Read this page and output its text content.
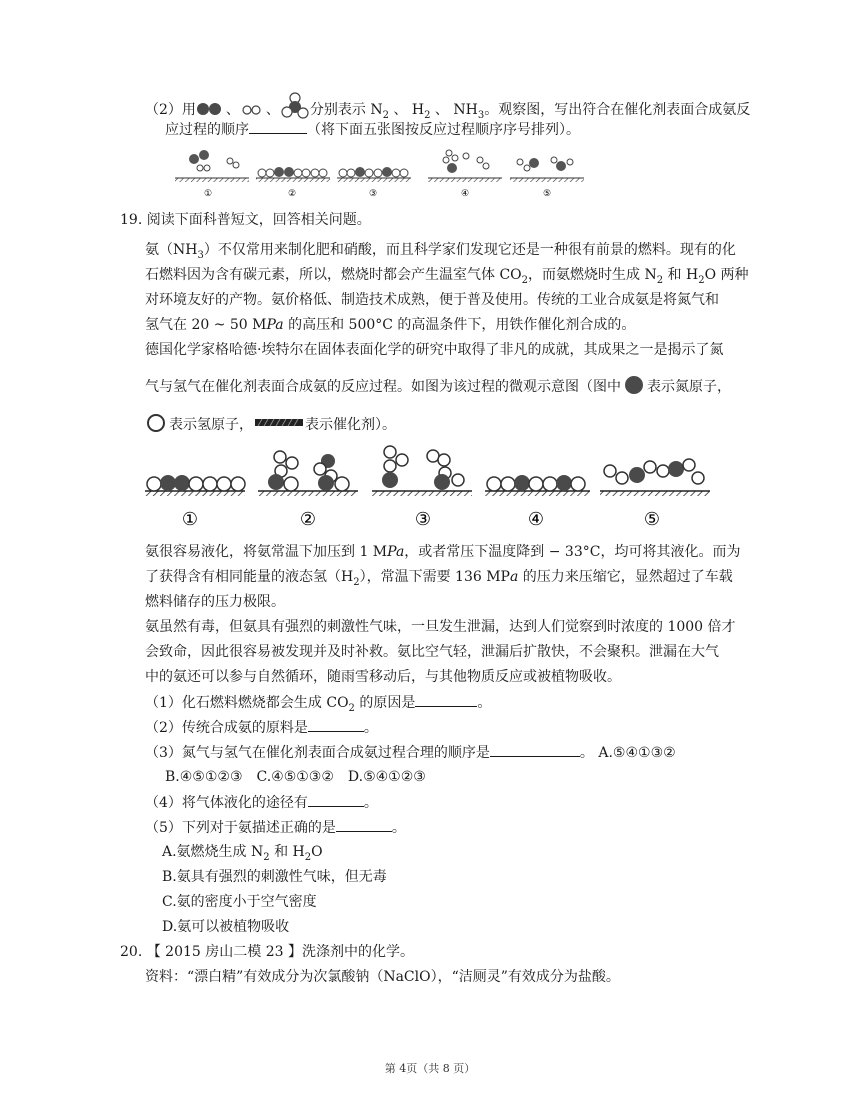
（2）用 、 、 分别表示 $N_2$ 、 $H_2$ 、 $NH_3$。观察图，写出符合在催化剂表面合成氨反
应过程的顺序	（将下面五张图按反应过程顺序序号排列）。
①	②	③	④	⑤
19. 阅读下面科普短文，回答相关问题。
氨$(NH_3)$不仅常用来制化肥和硝酸，而且科学家们发现它还是一种很有前景的燃料。现有的化
石燃料因为含有碳元素，所以，燃烧时都会产生温室气体 $CO_2$，而氨燃烧时生成 $N_2$ 和 $H_2O$ 两种
对环境友好的产物。氨价格低、制造技术成熟，便于普及使用。传统的工业合成氨是将氮气和
氢气在 20 ~ 50 MPa 的高压和 500°C 的高温条件下，用铁作催化剂合成的。
德国化学家格哈德·埃特尔在固体表面化学的研究中取得了非凡的成就，其成果之一是揭示了氮
气与氢气在催化剂表面合成氨的反应过程。如图为该过程的微观示意图（图中 表示氮原子，
表示氢原子，	表示催化剂）。
①	②	③	④	⑤
氨很容易液化，将氨常温下加压到 1 MPa，或者常压下温度降到 − 33°C，均可将其液化。而为
了获得含有相同能量的液态氢$(H_2)$，常温下需要 136 MPa 的压力来压缩它，显然超过了车载
燃料储存的压力极限。
氨虽然有毒，但氨具有强烈的刺激性气味，一旦发生泄漏，达到人们觉察到时浓度的 1000 倍才
会致命，因此很容易被发现并及时补救。氨比空气轻，泄漏后扩散快，不会聚积。泄漏在大气
中的氨还可以参与自然循环，随雨雪移动后，与其他物质反应或被植物吸收。
（1）化石燃料燃烧都会生成 $CO_2$ 的原因是	。
（2）传统合成氨的原料是	。
（3）氮气与氢气在催化剂表面合成氨过程合理的顺序是	。 A.⑤④①③②
B.④⑤①②③　C.④⑤①③②　D.⑤④①②③
（4）将气体液化的途径有	。
（5）下列对于氨描述正确的是	。
A.氨燃烧生成 $N_2$ 和 $H_2O$
B.氨具有强烈的刺激性气味，但无毒
C.氨的密度小于空气密度
D.氨可以被植物吸收
20. 【 2015 房山二模 23 】洗涤剂中的化学。
资料：“漂白精”有效成分为次氯酸钠（NaClO），“洁厕灵”有效成分为盐酸。
第 4页（共 8 页）
